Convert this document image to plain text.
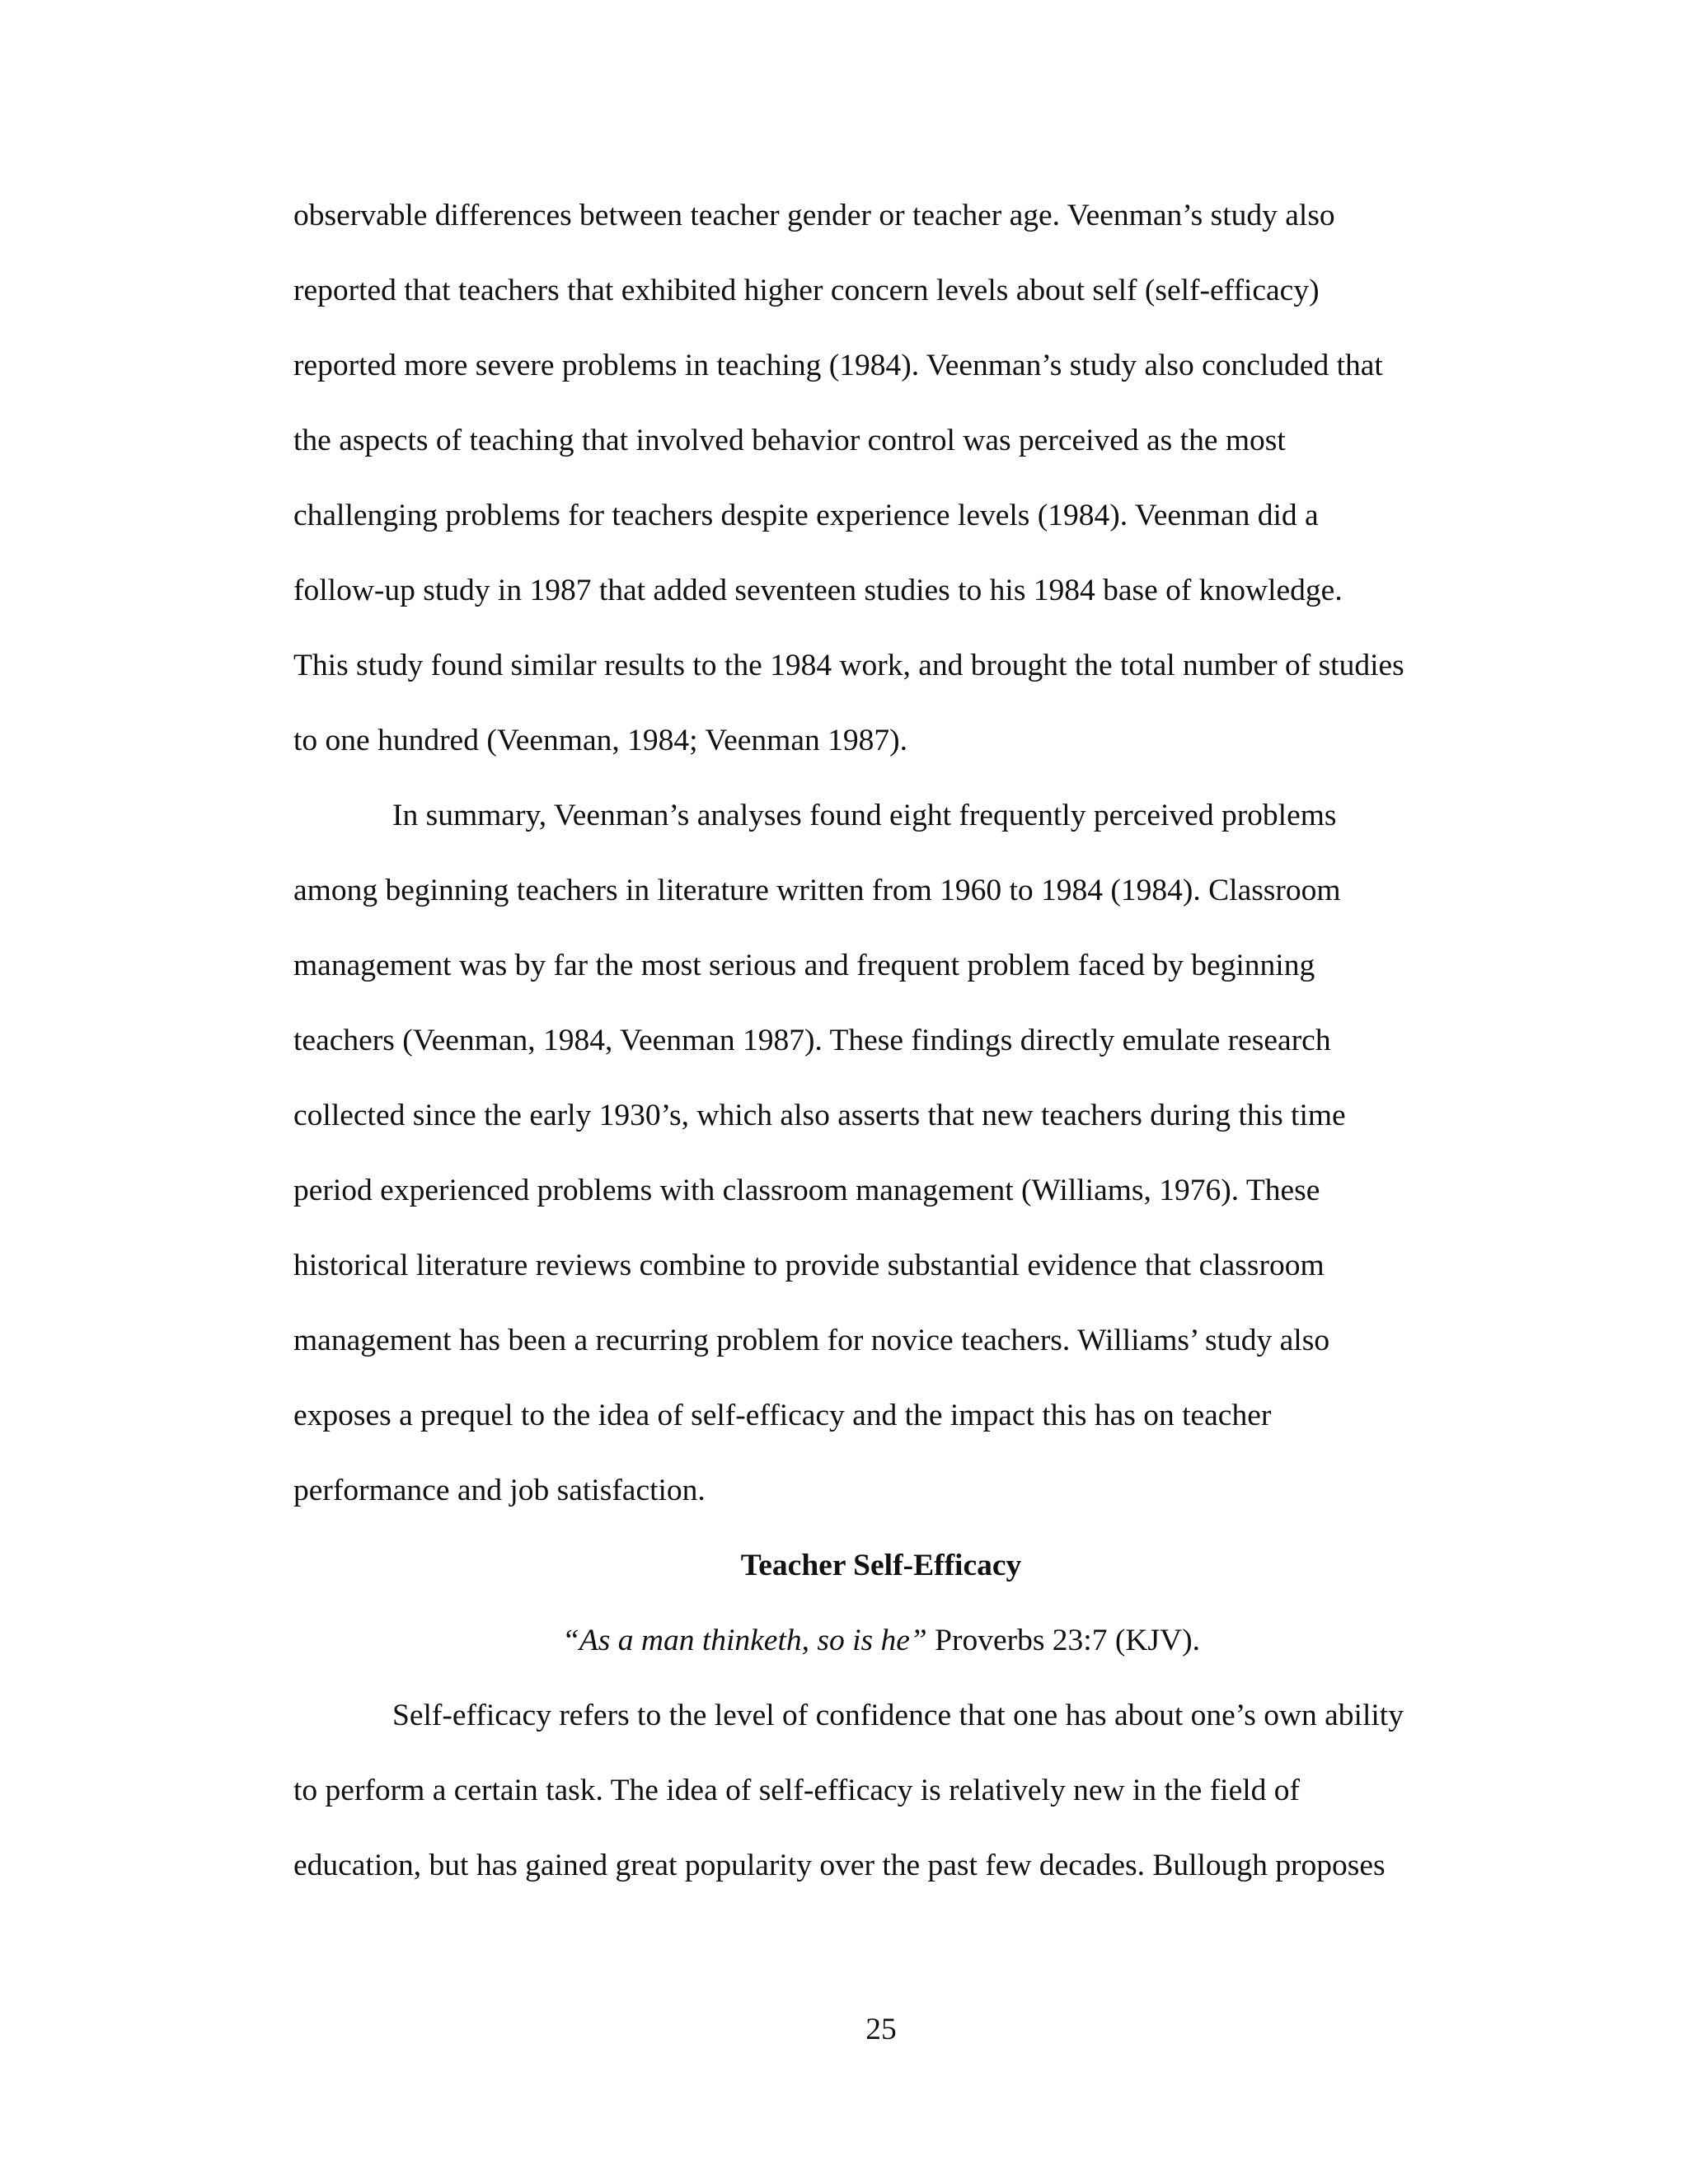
observable differences between teacher gender or teacher age. Veenman’s study also
reported that teachers that exhibited higher concern levels about self (self-efficacy)
reported more severe problems in teaching (1984). Veenman’s study also concluded that
the aspects of teaching that involved behavior control was perceived as the most
challenging problems for teachers despite experience levels (1984). Veenman did a
follow-up study in 1987 that added seventeen studies to his 1984 base of knowledge.
This study found similar results to the 1984 work, and brought the total number of studies
to one hundred (Veenman, 1984; Veenman 1987).
In summary, Veenman’s analyses found eight frequently perceived problems
among beginning teachers in literature written from 1960 to 1984 (1984). Classroom
management was by far the most serious and frequent problem faced by beginning
teachers (Veenman, 1984, Veenman 1987). These findings directly emulate research
collected since the early 1930’s, which also asserts that new teachers during this time
period experienced problems with classroom management (Williams, 1976). These
historical literature reviews combine to provide substantial evidence that classroom
management has been a recurring problem for novice teachers. Williams’ study also
exposes a prequel to the idea of self-efficacy and the impact this has on teacher
performance and job satisfaction.
Teacher Self-Efficacy
“As a man thinketh, so is he” Proverbs 23:7 (KJV).
Self-efficacy refers to the level of confidence that one has about one’s own ability
to perform a certain task. The idea of self-efficacy is relatively new in the field of
education, but has gained great popularity over the past few decades. Bullough proposes
25
